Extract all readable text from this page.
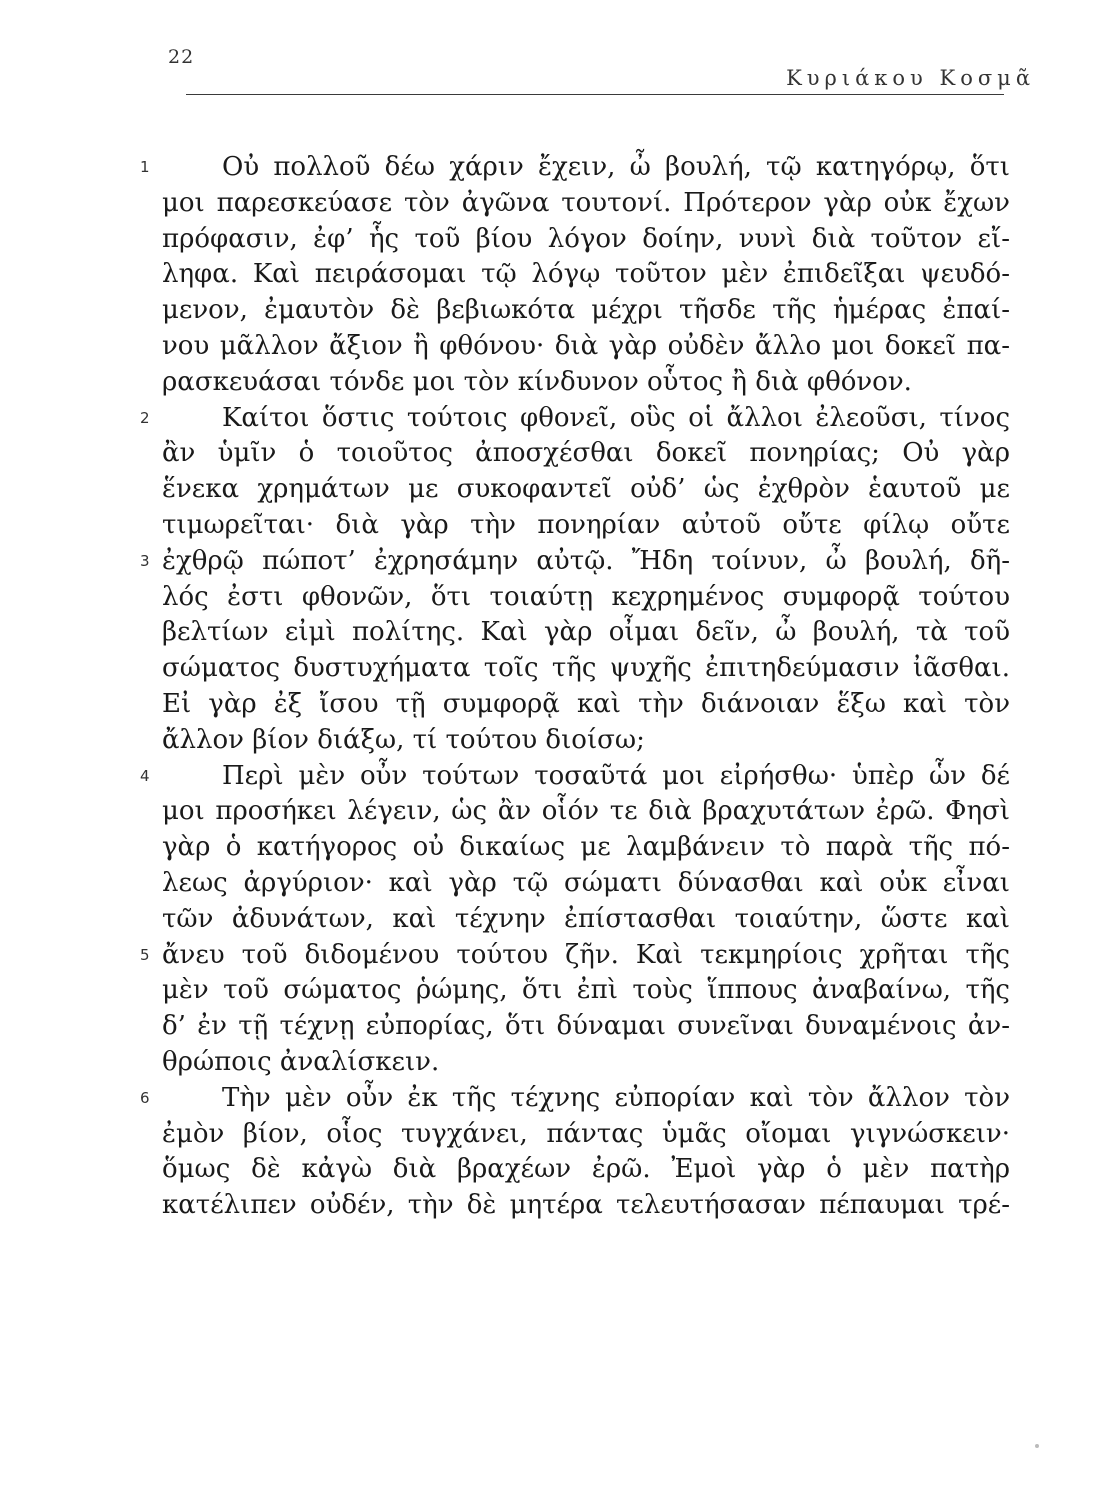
22
Κυριάκου Κοσμᾶ
1	Οὐ πολλοῦ δέω χάριν ἔχειν, ὦ βουλή, τῷ κατηγόρῳ, ὅτι
μοι παρεσκεύασε τὸν ἀγῶνα τουτονί. Πρότερον γὰρ οὐκ ἔχων
πρόφασιν, ἐφ’ ἧς τοῦ βίου λόγον δοίην, νυνὶ διὰ τοῦτον εἴ-
ληφα. Καὶ πειράσομαι τῷ λόγῳ τοῦτον μὲν ἐπιδεῖξαι ψευδό-
μενον, ἐμαυτὸν δὲ βεβιωκότα μέχρι τῆσδε τῆς ἡμέρας ἐπαί-
νου μᾶλλον ἄξιον ἢ φθόνου· διὰ γὰρ οὐδὲν ἄλλο μοι δοκεῖ πα-
ρασκευάσαι τόνδε μοι τὸν κίνδυνον οὗτος ἢ διὰ φθόνον.
2	Καίτοι ὅστις τούτοις φθονεῖ, οὓς οἱ ἄλλοι ἐλεοῦσι, τίνος
ἂν ὑμῖν ὁ τοιοῦτος ἀποσχέσθαι δοκεῖ πονηρίας; Οὐ γὰρ
ἕνεκα χρημάτων με συκοφαντεῖ οὐδ’ ὡς ἐχθρὸν ἑαυτοῦ με
τιμωρεῖται· διὰ γὰρ τὴν πονηρίαν αὐτοῦ οὔτε φίλῳ οὔτε
3 ἐχθρῷ πώποτ’ ἐχρησάμην αὐτῷ. Ἤδη τοίνυν, ὦ βουλή, δῆ-
λός ἐστι φθονῶν, ὅτι τοιαύτῃ κεχρημένος συμφορᾷ τούτου
βελτίων εἰμὶ πολίτης. Καὶ γὰρ οἶμαι δεῖν, ὦ βουλή, τὰ τοῦ
σώματος δυστυχήματα τοῖς τῆς ψυχῆς ἐπιτηδεύμασιν ἰᾶσθαι.
Εἰ γὰρ ἐξ ἴσου τῇ συμφορᾷ καὶ τὴν διάνοιαν ἕξω καὶ τὸν
ἄλλον βίον διάξω, τί τούτου διοίσω;
4	Περὶ μὲν οὖν τούτων τοσαῦτά μοι εἰρήσθω· ὑπὲρ ὧν δέ
μοι προσήκει λέγειν, ὡς ἂν οἷόν τε διὰ βραχυτάτων ἐρῶ. Φησὶ
γὰρ ὁ κατήγορος οὐ δικαίως με λαμβάνειν τὸ παρὰ τῆς πό-
λεως ἀργύριον· καὶ γὰρ τῷ σώματι δύνασθαι καὶ οὐκ εἶναι
τῶν ἀδυνάτων, καὶ τέχνην ἐπίστασθαι τοιαύτην, ὥστε καὶ
5 ἄνευ τοῦ διδομένου τούτου ζῆν. Καὶ τεκμηρίοις χρῆται τῆς
μὲν τοῦ σώματος ῥώμης, ὅτι ἐπὶ τοὺς ἵππους ἀναβαίνω, τῆς
δ’ ἐν τῇ τέχνῃ εὐπορίας, ὅτι δύναμαι συνεῖναι δυναμένοις ἀν-
θρώποις ἀναλίσκειν.
6	Τὴν μὲν οὖν ἐκ τῆς τέχνης εὐπορίαν καὶ τὸν ἄλλον τὸν
ἐμὸν βίον, οἷος τυγχάνει, πάντας ὑμᾶς οἴομαι γιγνώσκειν·
ὅμως δὲ κἀγὼ διὰ βραχέων ἐρῶ. Ἐμοὶ γὰρ ὁ μὲν πατὴρ
κατέλιπεν οὐδέν, τὴν δὲ μητέρα τελευτήσασαν πέπαυμαι τρέ-
